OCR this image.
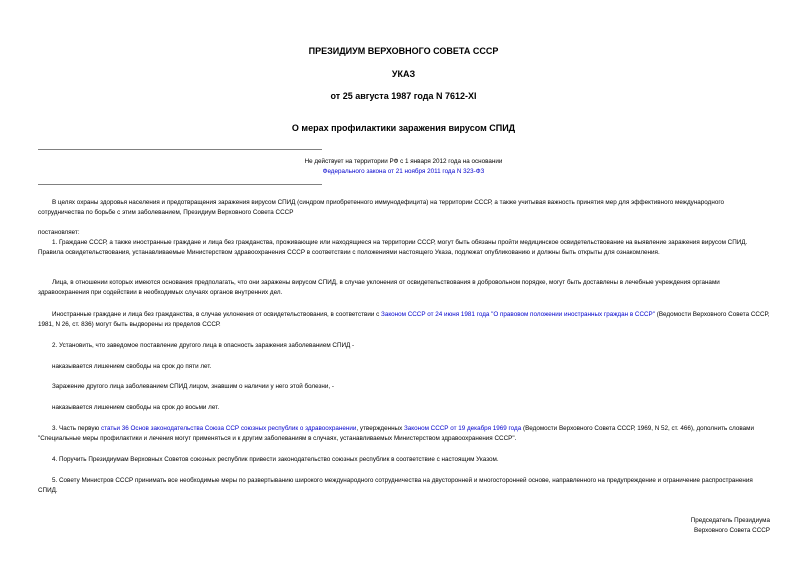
ПРЕЗИДИУМ ВЕРХОВНОГО СОВЕТА СССР
УКАЗ
от 25 августа 1987 года N 7612-XI
О мерах профилактики заражения вирусом СПИД
Не действует на территории РФ с 1 января 2012 года на основании
Федерального закона от 21 ноября 2011 года N 323-ФЗ

В целях охраны здоровья населения и предотвращения заражения вирусом СПИД (синдром приобретенного иммунодефицита) на территории СССР, а также учитывая важность принятия мер для эффективного международного сотрудничества по борьбе с этим заболеванием, Президиум Верховного Совета СССР

постановляет:

1. Граждане СССР, а также иностранные граждане и лица без гражданства, проживающие или находящиеся на территории СССР, могут быть обязаны пройти медицинское освидетельствование на выявление заражения вирусом СПИД. Правила освидетельствования, устанавливаемые Министерством здравоохранения СССР в соответствии с положениями настоящего Указа, подлежат опубликованию и должны быть открыты для ознакомления.

Лица, в отношении которых имеются основания предполагать, что они заражены вирусом СПИД, в случае уклонения от освидетельствования в добровольном порядке, могут быть доставлены в лечебные учреждения органами здравоохранения при содействии в необходимых случаях органов внутренних дел.

Иностранные граждане и лица без гражданства, в случае уклонения от освидетельствования, в соответствии с Законом СССР от 24 июня 1981 года "О правовом положении иностранных граждан в СССР" (Ведомости Верховного Совета СССР, 1981, N 26, ст. 836) могут быть выдворены из пределов СССР.

2. Установить, что заведомое поставление другого лица в опасность заражения заболеванием СПИД -

наказывается лишением свободы на срок до пяти лет.

Заражение другого лица заболеванием СПИД лицом, знавшим о наличии у него этой болезни, -

наказывается лишением свободы на срок до восьми лет.

3. Часть первую статьи 36 Основ законодательства Союза ССР союзных республик о здравоохранении, утвержденных Законом СССР от 19 декабря 1969 года (Ведомости Верховного Совета СССР, 1969, N 52, ст. 466), дополнить словами "Специальные меры профилактики и лечения могут применяться и к другим заболеваниям в случаях, устанавливаемых Министерством здравоохранения СССР".

4. Поручить Президиумам Верховных Советов союзных республик привести законодательство союзных республик в соответствие с настоящим Указом.

5. Совету Министров СССР принимать все необходимые меры по развертыванию широкого международного сотрудничества на двусторонней и многосторонней основе, направленного на предупреждение и ограничение распространения СПИД.

Председатель Президиума
Верховного Совета СССР
